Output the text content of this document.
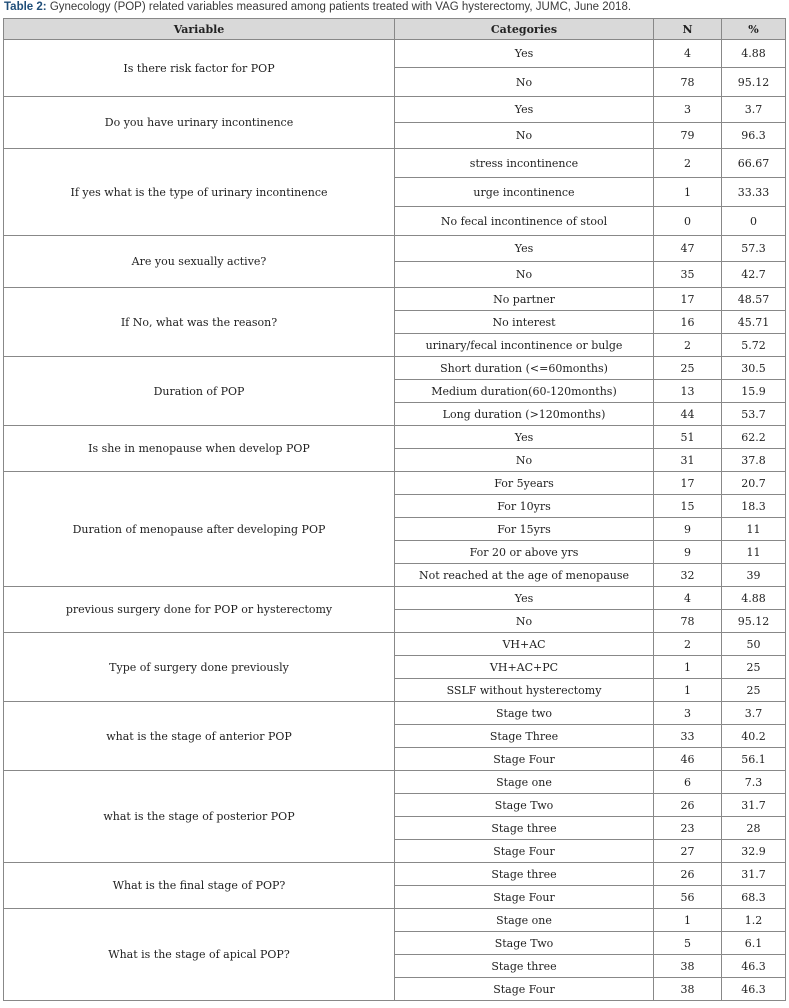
Table 2: Gynecology (POP) related variables measured among patients treated with VAG hysterectomy, JUMC, June 2018.
Variable	Categories	N	%
Is there risk factor for POP	Yes	4	4.88
	No	78	95.12
Do you have urinary incontinence	Yes	3	3.7
	No	79	96.3
If yes what is the type of urinary incontinence	stress incontinence	2	66.67
	urge incontinence	1	33.33
	No fecal incontinence of stool	0	0
Are you sexually active?	Yes	47	57.3
	No	35	42.7
If No, what was the reason?	No partner	17	48.57
	No interest	16	45.71
	urinary/fecal incontinence or bulge	2	5.72
Duration of POP	Short duration (<=60months)	25	30.5
	Medium duration(60-120months)	13	15.9
	Long duration (>120months)	44	53.7
Is she in menopause when develop POP	Yes	51	62.2
	No	31	37.8
Duration of menopause after developing POP	For 5years	17	20.7
	For 10yrs	15	18.3
	For 15yrs	9	11
	For 20 or above yrs	9	11
	Not reached at the age of menopause	32	39
previous surgery done for POP or hysterectomy	Yes	4	4.88
	No	78	95.12
Type of surgery done previously	VH+AC	2	50
	VH+AC+PC	1	25
	SSLF without hysterectomy	1	25
what is the stage of anterior POP	Stage two	3	3.7
	Stage Three	33	40.2
	Stage Four	46	56.1
what is the stage of posterior POP	Stage one	6	7.3
	Stage Two	26	31.7
	Stage three	23	28
	Stage Four	27	32.9
What is the final stage of POP?	Stage three	26	31.7
	Stage Four	56	68.3
What is the stage of apical POP?	Stage one	1	1.2
	Stage Two	5	6.1
	Stage three	38	46.3
	Stage Four	38	46.3
